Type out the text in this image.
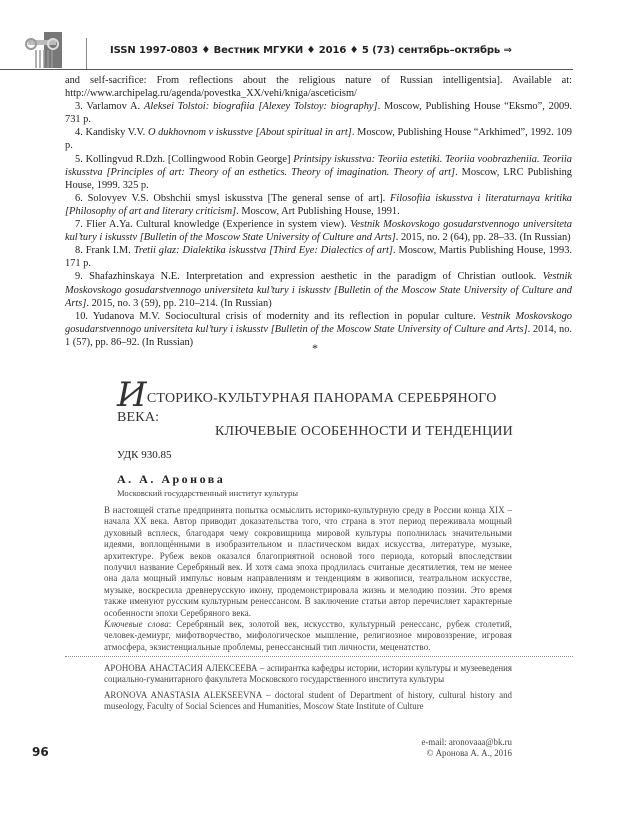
ISSN 1997-0803 ♦ Вестник МГУКИ ♦ 2016 ♦ 5 (73) сентябрь–октябрь ⇒

and self-sacrifice: From reflections about the religious nature of Russian intelligentsia]. Available at: http://www.archipelag.ru/agenda/povestka_XX/vehi/kniga/asceticism/

3. Varlamov A. Aleksei Tolstoi: biografiia [Alexey Tolstoy: biography]. Moscow, Publishing House “Eksmo”, 2009. 731 p.

4. Kandisky V.V. O dukhovnom v iskusstve [About spiritual in art]. Moscow, Publishing House “Arkhimed”, 1992. 109 p.

5. Kollingvud R.Dzh. [Collingwood Robin George] Printsipy iskusstva: Teoriia estetiki. Teoriia voobrazheniia. Teoriia iskusstva [Principles of art: Theory of an esthetics. Theory of imagination. Theory of art]. Moscow, LRC Publishing House, 1999. 325 p.

6. Solovyev V.S. Obshchii smysl iskusstva [The general sense of art]. Filosofiia iskusstva i literaturnaya kritika [Philosophy of art and literary criticism]. Moscow, Art Publishing House, 1991.

7. Flier A.Ya. Cultural knowledge (Experience in system view). Vestnik Moskovskogo gosudarstvennogo universiteta kul’tury i iskusstv [Bulletin of the Moscow State University of Culture and Arts]. 2015, no. 2 (64), pp. 28–33. (In Russian)

8. Frank I.M. Tretii glaz: Dialektika iskusstva [Third Eye: Dialectics of art]. Moscow, Martis Publishing House, 1993. 171 p.

9. Shafazhinskaya N.E. Interpretation and expression aesthetic in the paradigm of Christian outlook. Vestnik Moskovskogo gosudarstvennogo universiteta kul’tury i iskusstv [Bulletin of the Moscow State University of Culture and Arts]. 2015, no. 3 (59), pp. 210–214. (In Russian)

10. Yudanova M.V. Sociocultural crisis of modernity and its reflection in popular culture. Vestnik Moskovskogo gosudarstvennogo universiteta kul’tury i iskusstv [Bulletin of the Moscow State University of Culture and Arts]. 2014, no. 1 (57), pp. 86–92. (In Russian)	*
ИСТОРИКО-КУЛЬТУРНАЯ ПАНОРАМА СЕРЕБРЯНОГО ВЕКА:
КЛЮЧЕВЫЕ ОСОБЕННОСТИ И ТЕНДЕНЦИИ
УДК 930.85
А. А. Аронова
Московский государственный институт культуры

В настоящей статье предпринята попытка осмыслить историко-культурную среду в России конца XIX – начала XX века. Автор приводит доказательства того, что страна в этот период переживала мощный духовный всплеск, благодаря чему сокровищница мировой культуры пополнилась значительными идеями, воплощёнными в изобразительном и пластическом видах искусства, литературе, музыке, архитектуре. Рубеж веков оказался благоприятной основой того периода, который впоследствии получил название Серебряный век. И хотя сама эпоха продлилась считаные десятилетия, тем не менее она дала мощный импульс новым направлениям и тенденциям в живописи, театральном искусстве, музыке, воскресила древнерусскую икону, продемонстрировала жизнь и мелодию поэзии. Это время также именуют русским культурным ренессансом. В заключение статьи автор перечисляет характерные особенности эпохи Серебряного века.

Ключевые слова: Серебряный век, золотой век, искусство, культурный ренессанс, рубеж столетий, человек-демиург, мифотворчество, мифологическое мышление, религиозное мировоззрение, игровая атмосфера, экзистенциальные проблемы, ренессансный тип личности, меценатство.

АРОНОВА АНАСТАСИЯ АЛЕКСЕЕВА – аспирантка кафедры истории, истории культуры и музееведения социально-гуманитарного факультета Московского государственного института культуры

ARONOVA ANASTASIA ALEKSEEVNA – doctoral student of Department of history, cultural history and museology, Faculty of Social Sciences and Humanities, Moscow State Institute of Culture

e-mail: aronovaaa@bk.ru
© Аронова А. А., 2016
96
